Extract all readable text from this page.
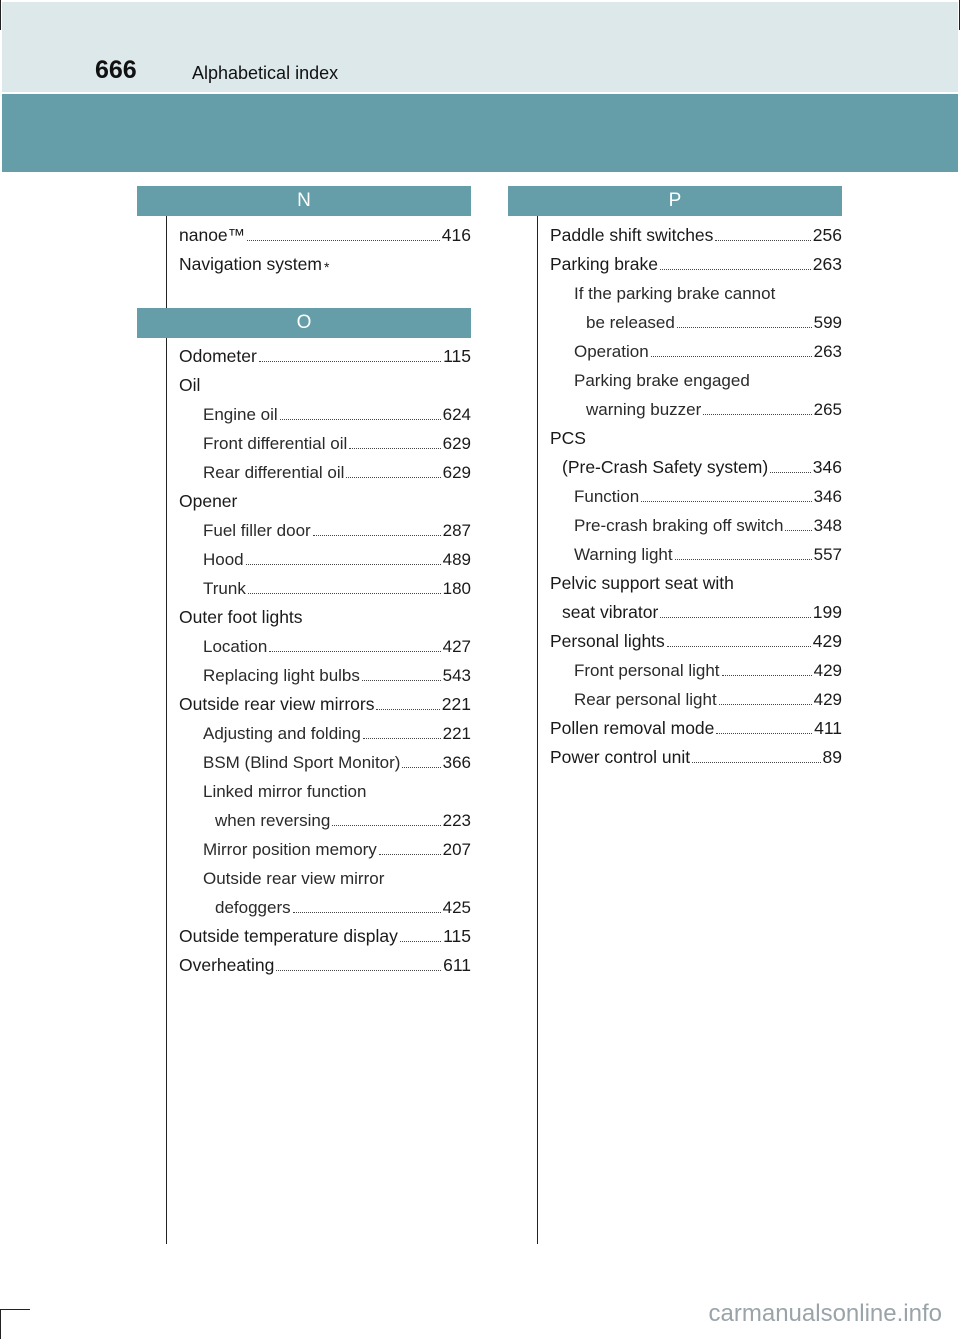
666	Alphabetical index
N
nanoe™	416
Navigation system *
O
Odometer	115
Oil
Engine oil	624
Front differential oil	629
Rear differential oil	629
Opener
Fuel filler door	287
Hood	489
Trunk	180
Outer foot lights
Location	427
Replacing light bulbs	543
Outside rear view mirrors	221
Adjusting and folding	221
BSM (Blind Sport Monitor) 366
Linked mirror function
when reversing	223
Mirror position memory	207
Outside rear view mirror
defoggers	425
Outside temperature display	115
Overheating	611
P
Paddle shift switches	256
Parking brake	263
If the parking brake cannot
be released	599
Operation	263
Parking brake engaged
warning buzzer	265
PCS
(Pre-Crash Safety system)	346
Function	346
Pre-crash braking off switch 348
Warning light	557
Pelvic support seat with
seat vibrator	199
Personal lights	429
Front personal light	429
Rear personal light	429
Pollen removal mode	411
Power control unit	89
carmanualsonline.info
